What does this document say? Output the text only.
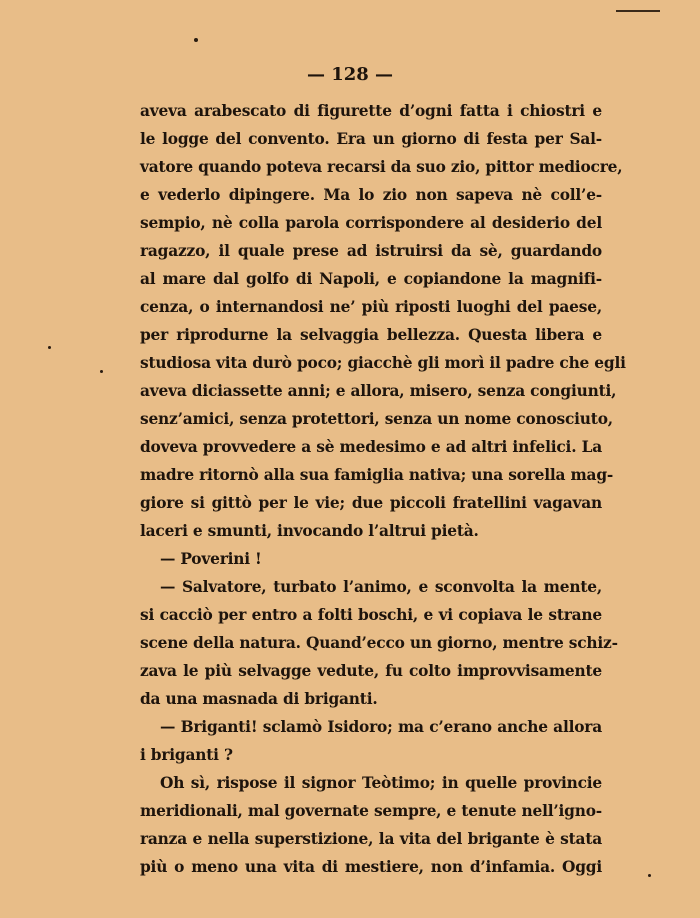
— 128 —
aveva arabescato di figurette d’ogni fatta i chiostri e
le logge del convento. Era un giorno di festa per Sal-
vatore quando poteva recarsi da suo zio, pittor mediocre,
e vederlo dipingere. Ma lo zio non sapeva nè coll’e-
sempio, nè colla parola corrispondere al desiderio del
ragazzo, il quale prese ad istruirsi da sè, guardando
al mare dal golfo di Napoli, e copiandone la magnifi-
cenza, o internandosi ne’ più riposti luoghi del paese,
per riprodurne la selvaggia bellezza. Questa libera e
studiosa vita durò poco; giacchè gli morì il padre che egli
aveva diciassette anni; e allora, misero, senza congiunti,
senz’amici, senza protettori, senza un nome conosciuto,
doveva provvedere a sè medesimo e ad altri infelici. La
madre ritornò alla sua famiglia nativa; una sorella mag-
giore si gittò per le vie; due piccoli fratellini vagavan
laceri e smunti, invocando l’altrui pietà.
— Poverini !
— Salvatore, turbato l’animo, e sconvolta la mente,
si cacciò per entro a folti boschi, e vi copiava le strane
scene della natura. Quand’ecco un giorno, mentre schiz-
zava le più selvagge vedute, fu colto improvvisamente
da una masnada di briganti.
— Briganti! sclamò Isidoro; ma c’erano anche allora
i briganti ?
Oh sì, rispose il signor Teòtimo; in quelle provincie
meridionali, mal governate sempre, e tenute nell’igno-
ranza e nella superstizione, la vita del brigante è stata
più o meno una vita di mestiere, non d’infamia. Oggi
